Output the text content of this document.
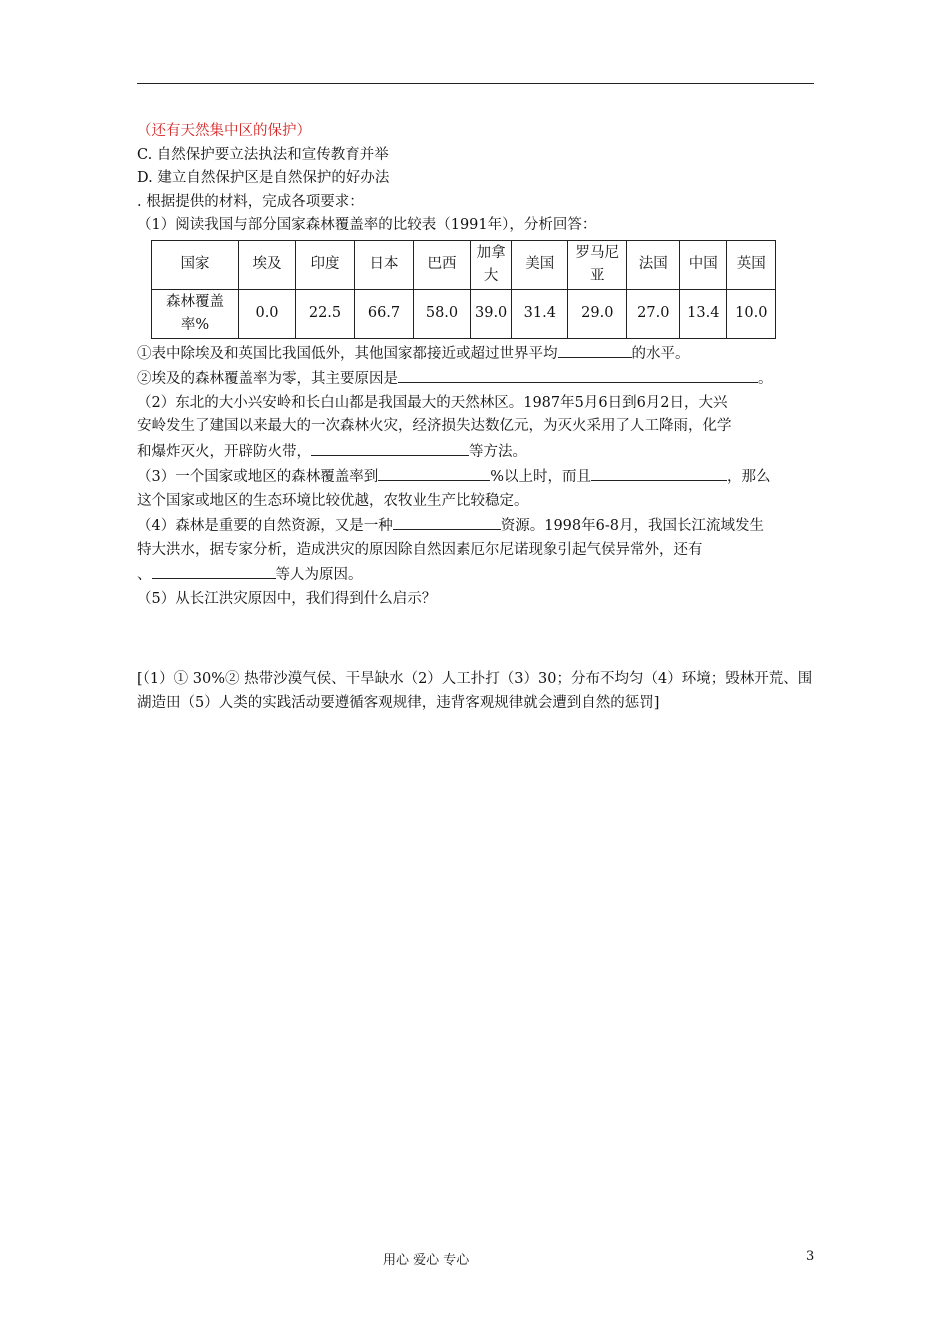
（还有天然集中区的保护）
C. 自然保护要立法执法和宣传教育并举
D. 建立自然保护区是自然保护的好办法
. 根据提供的材料，完成各项要求：
（1）阅读我国与部分国家森林覆盖率的比较表（1991年），分析回答：
国家	埃及	印度	日本	巴西	加拿大	美国	罗马尼亚	法国	中国	英国
森林覆盖率%	0.0	22.5	66.7	58.0	39.0	31.4	29.0	27.0	13.4	10.0
①表中除埃及和英国比我国低外，其他国家都接近或超过世界平均	的水平。
②埃及的森林覆盖率为零，其主要原因是	。
（2）东北的大小兴安岭和长白山都是我国最大的天然林区。1987年5月6日到6月2日，大兴
安岭发生了建国以来最大的一次森林火灾，经济损失达数亿元，为灭火采用了人工降雨，化学
和爆炸灭火，开辟防火带，	等方法。
（3）一个国家或地区的森林覆盖率到	%以上时，而且	，那么
这个国家或地区的生态环境比较优越，农牧业生产比较稳定。
（4）森林是重要的自然资源，又是一种	资源。1998年6-8月，我国长江流域发生
特大洪水，据专家分析，造成洪灾的原因除自然因素厄尔尼诺现象引起气侯异常外，还有
、	等人为原因。
（5）从长江洪灾原因中，我们得到什么启示？
[（1）① 30%② 热带沙漠气侯、干旱缺水（2）人工扑打（3）30；分布不均匀（4）环境；毁林开荒、围
湖造田（5）人类的实践活动要遵循客观规律，违背客观规律就会遭到自然的惩罚]
用心 爱心 专心	3
